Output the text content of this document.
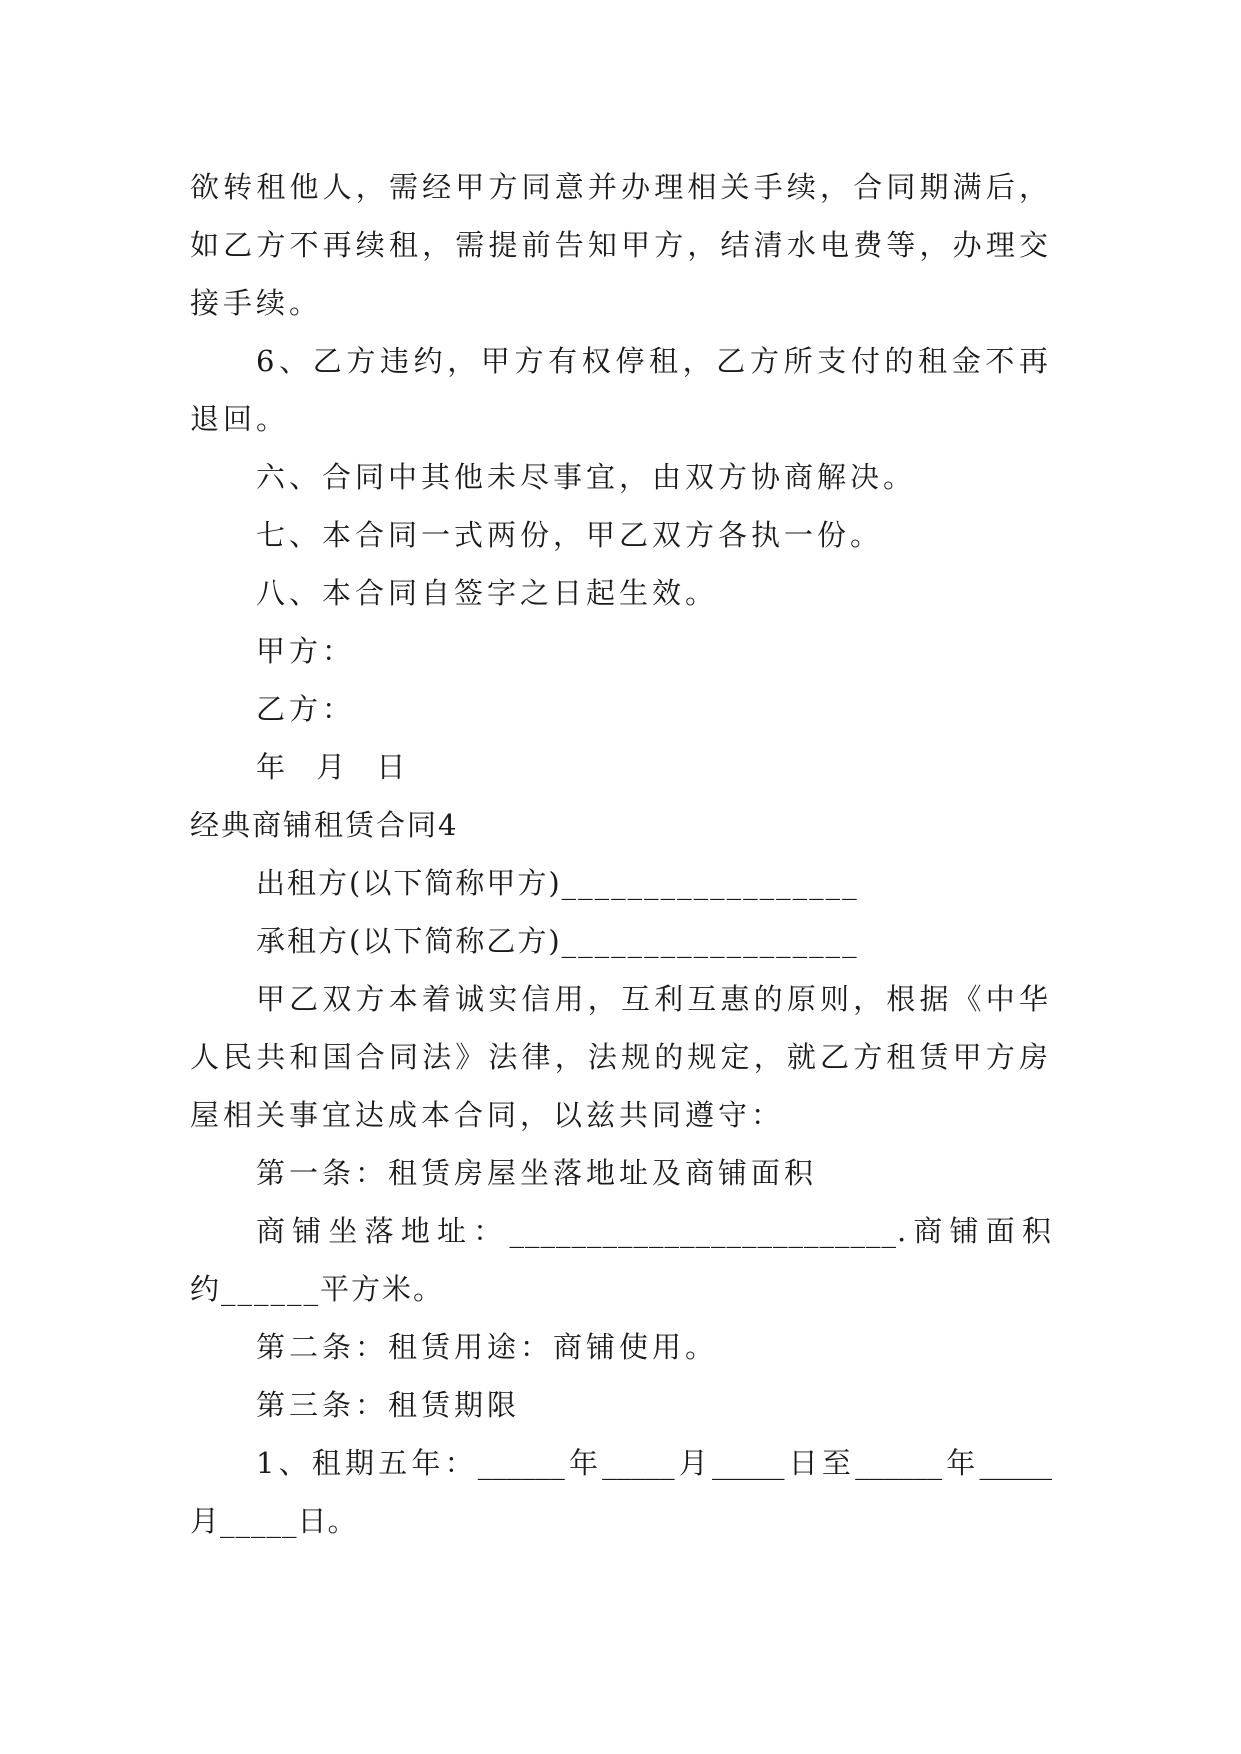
欲转租他人，需经甲方同意并办理相关手续，合同期满后，
如乙方不再续租，需提前告知甲方，结清水电费等，办理交
接手续。
6、乙方违约，甲方有权停租，乙方所支付的租金不再
退回。
六、合同中其他未尽事宜，由双方协商解决。
七、本合同一式两份，甲乙双方各执一份。
八、本合同自签字之日起生效。
甲方：
乙方：
年 月 日
经典商铺租赁合同4
出租方(以下简称甲方)__________________
承租方(以下简称乙方)__________________
甲乙双方本着诚实信用，互利互惠的原则，根据《中华
人民共和国合同法》法律，法规的规定，就乙方租赁甲方房
屋相关事宜达成本合同，以兹共同遵守：
第一条：租赁房屋坐落地址及商铺面积
商铺坐落地址：_________________________.商铺面积
约______平方米。
第二条：租赁用途：商铺使用。
第三条：租赁期限
1、租期五年：______年_____月_____日至______年_____
月_____日。
